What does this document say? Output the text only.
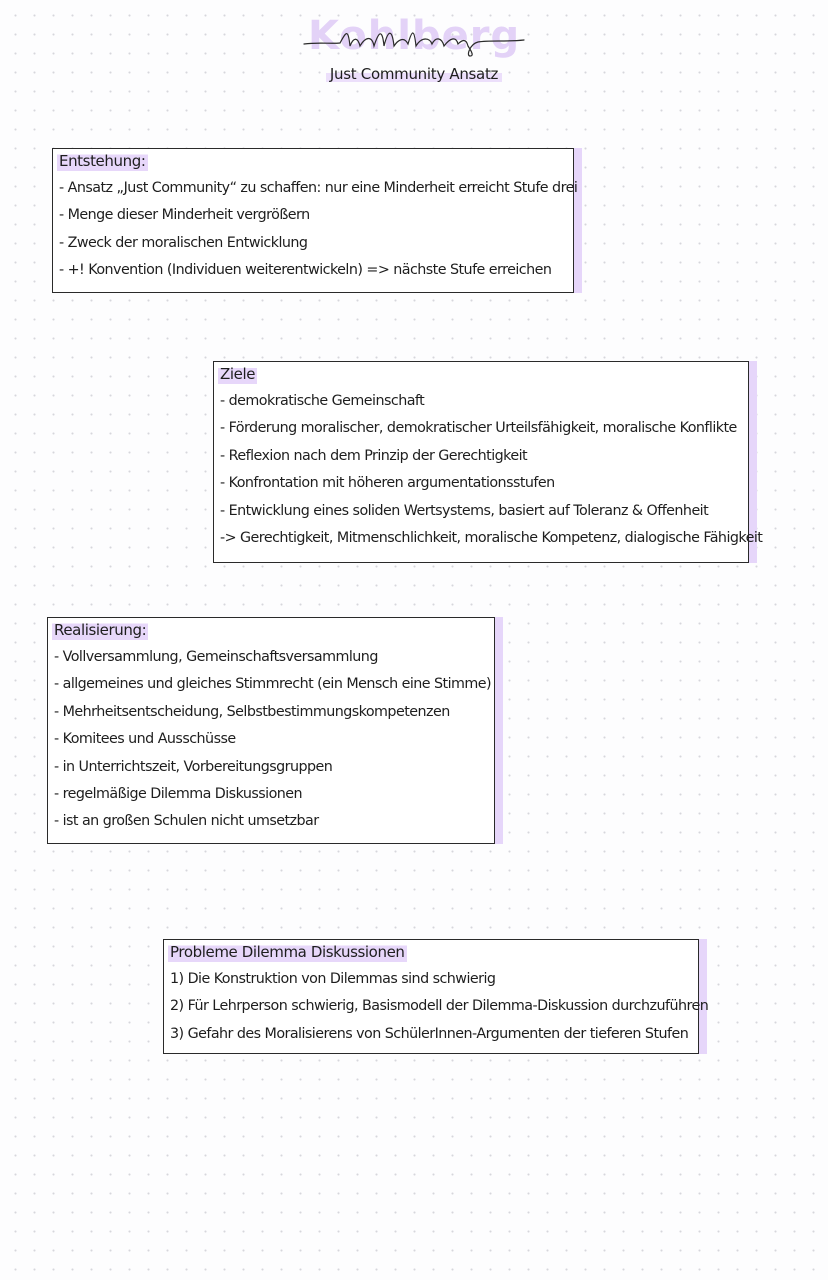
Kohlberg
Just Community Ansatz
Entstehung:
- Ansatz „Just Community“ zu schaffen: nur eine Minderheit erreicht Stufe drei
- Menge dieser Minderheit vergrößern
- Zweck der moralischen Entwicklung
- +! Konvention (Individuen weiterentwickeln) => nächste Stufe erreichen
Ziele
- demokratische Gemeinschaft
- Förderung moralischer, demokratischer Urteilsfähigkeit, moralische Konflikte
- Reflexion nach dem Prinzip der Gerechtigkeit
- Konfrontation mit höheren argumentationsstufen
- Entwicklung eines soliden Wertsystems, basiert auf Toleranz & Offenheit
-> Gerechtigkeit, Mitmenschlichkeit, moralische Kompetenz, dialogische Fähigkeit
Realisierung:
- Vollversammlung, Gemeinschaftsversammlung
- allgemeines und gleiches Stimmrecht (ein Mensch eine Stimme)
- Mehrheitsentscheidung, Selbstbestimmungskompetenzen
- Komitees und Ausschüsse
- in Unterrichtszeit, Vorbereitungsgruppen
- regelmäßige Dilemma Diskussionen
- ist an großen Schulen nicht umsetzbar
Probleme Dilemma Diskussionen
1) Die Konstruktion von Dilemmas sind schwierig
2) Für Lehrperson schwierig, Basismodell der Dilemma-Diskussion durchzuführen
3) Gefahr des Moralisierens von SchülerInnen-Argumenten der tieferen Stufen
